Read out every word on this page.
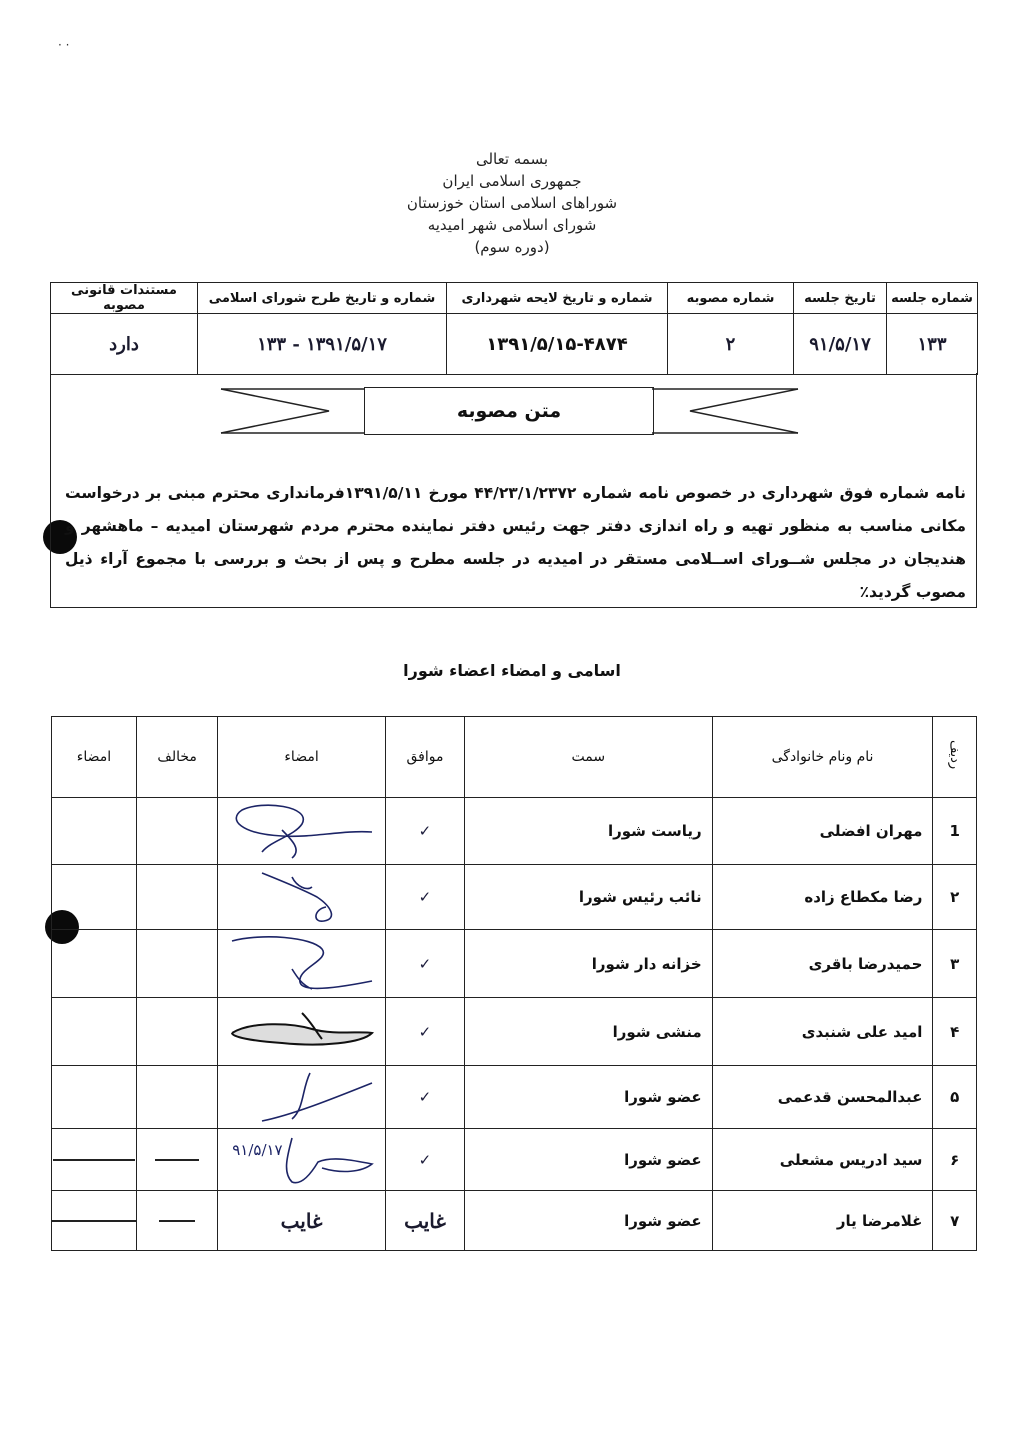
· ·
بسمه تعالی
جمهوری اسلامی ایران
شوراهای اسلامی استان خوزستان
شورای اسلامی شهر امیدیه
(دوره سوم)
شماره جلسه	تاریخ جلسه	شماره مصوبه	شماره و تاریخ لایحه شهرداری	شماره و تاریخ طرح شورای اسلامی	مستندات قانونی مصوبه
۱۳۳	۹۱/۵/۱۷	۲	۱۳۹۱/۵/۱۵-۴۸۷۴	۱۳۹۱/۵/۱۷ - ۱۳۳	دارد
متن مصوبه
نامه شماره فوق شهرداری در خصوص نامه شماره ۴۴/۲۳/۱/۲۳۷۲ مورخ ۱۳۹۱/۵/۱۱فرمانداری محترم مبنی بر درخواست مکانی مناسب به منظور تهیه و راه اندازی دفتر جهت رئیس دفتر نماینده محترم مردم شهرستان امیدیه – ماهشهر و هندیجان در مجلس شــورای اســلامی مستقر در امیدیه در جلسه مطرح و پس از بحث و بررسی با مجموع آراء ذیل مصوب گردید٪
اسامی و امضاء اعضاء شورا
ردیف	نام ونام خانوادگی	سمت	موافق	امضاء	مخالف	امضاء
1	مهران افضلی	ریاست شورا	✓	

۲	رضا مکطاع زاده	نائب رئیس شورا	✓	

۳	حمیدرضا باقری	خزانه دار شورا	✓	

۴	امید علی شنبدی	منشی شورا	✓	

۵	عبدالمحسن قدعمی	عضو شورا	✓	

۶	سید ادریس مشعلی	عضو شورا	✓	۹۱/۵/۱۷		

۷	غلامرضا یار	عضو شورا	غایب	غایب		
